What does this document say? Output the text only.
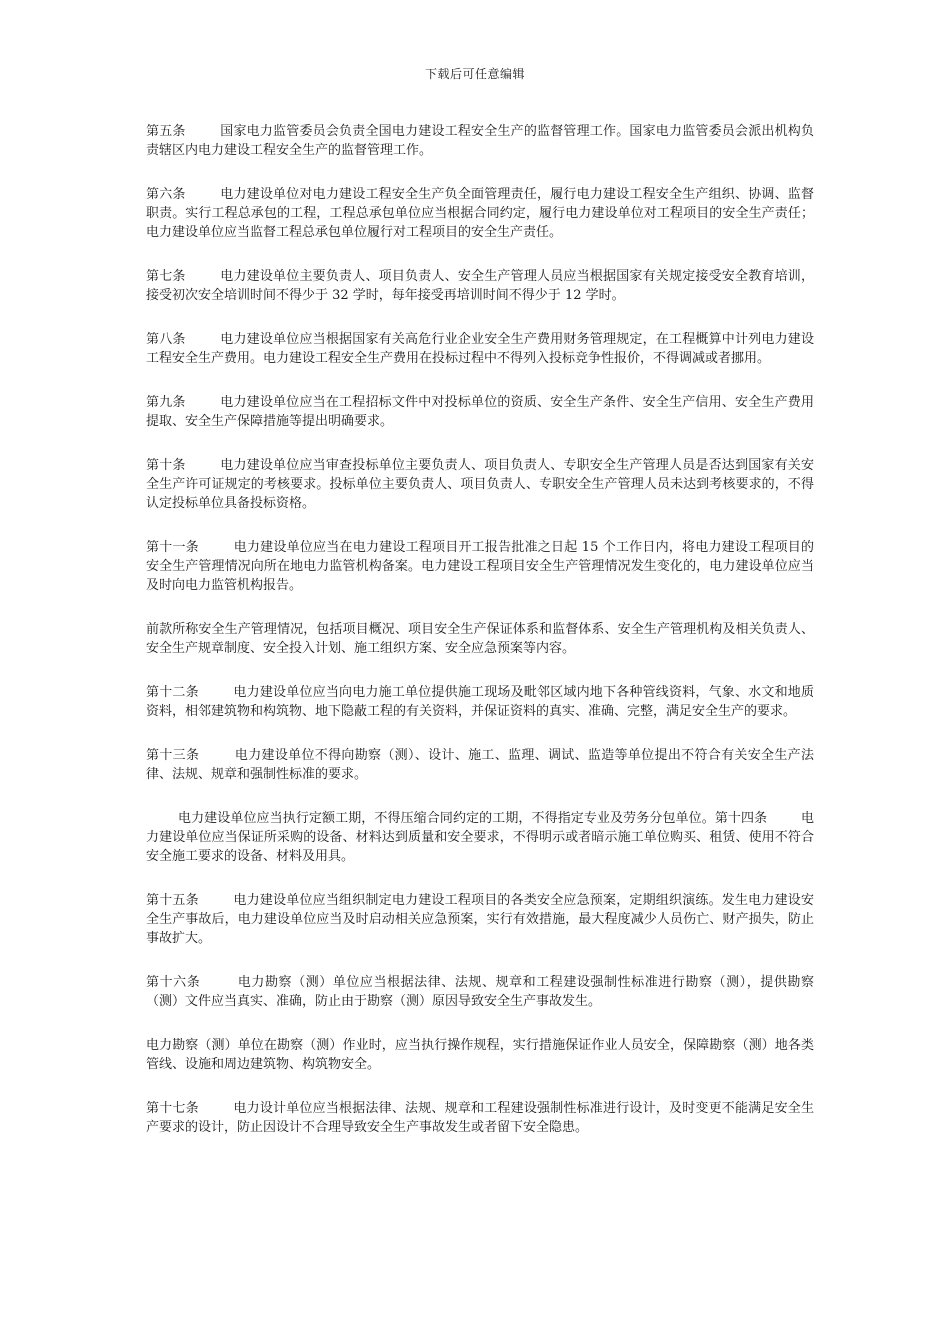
下载后可任意编辑

第五条	国家电力监管委员会负责全国电力建设工程安全生产的监督管理工作。国家电力监管委员会派出机构负责辖区内电力建设工程安全生产的监督管理工作。

第六条	电力建设单位对电力建设工程安全生产负全面管理责任，履行电力建设工程安全生产组织、协调、监督职责。实行工程总承包的工程，工程总承包单位应当根据合同约定，履行电力建设单位对工程项目的安全生产责任；电力建设单位应当监督工程总承包单位履行对工程项目的安全生产责任。

第七条	电力建设单位主要负责人、项目负责人、安全生产管理人员应当根据国家有关规定接受安全教育培训，接受初次安全培训时间不得少于 32 学时，每年接受再培训时间不得少于 12 学时。

第八条	电力建设单位应当根据国家有关高危行业企业安全生产费用财务管理规定，在工程概算中计列电力建设工程安全生产费用。电力建设工程安全生产费用在投标过程中不得列入投标竞争性报价，不得调减或者挪用。

第九条	电力建设单位应当在工程招标文件中对投标单位的资质、安全生产条件、安全生产信用、安全生产费用提取、安全生产保障措施等提出明确要求。

第十条	电力建设单位应当审查投标单位主要负责人、项目负责人、专职安全生产管理人员是否达到国家有关安全生产许可证规定的考核要求。投标单位主要负责人、项目负责人、专职安全生产管理人员未达到考核要求的，不得认定投标单位具备投标资格。

第十一条	电力建设单位应当在电力建设工程项目开工报告批准之日起 15 个工作日内，将电力建设工程项目的安全生产管理情况向所在地电力监管机构备案。电力建设工程项目安全生产管理情况发生变化的，电力建设单位应当及时向电力监管机构报告。

前款所称安全生产管理情况，包括项目概况、项目安全生产保证体系和监督体系、安全生产管理机构及相关负责人、安全生产规章制度、安全投入计划、施工组织方案、安全应急预案等内容。

第十二条	电力建设单位应当向电力施工单位提供施工现场及毗邻区域内地下各种管线资料，气象、水文和地质资料，相邻建筑物和构筑物、地下隐蔽工程的有关资料，并保证资料的真实、准确、完整，满足安全生产的要求。

第十三条	电力建设单位不得向勘察（测）、设计、施工、监理、调试、监造等单位提出不符合有关安全生产法律、法规、规章和强制性标准的要求。

电力建设单位应当执行定额工期，不得压缩合同约定的工期，不得指定专业及劳务分包单位。第十四条        电力建设单位应当保证所采购的设备、材料达到质量和安全要求，不得明示或者暗示施工单位购买、租赁、使用不符合安全施工要求的设备、材料及用具。

第十五条	电力建设单位应当组织制定电力建设工程项目的各类安全应急预案，定期组织演练。发生电力建设安全生产事故后，电力建设单位应当及时启动相关应急预案，实行有效措施，最大程度减少人员伤亡、财产损失，防止事故扩大。

第十六条	电力勘察（测）单位应当根据法律、法规、规章和工程建设强制性标准进行勘察（测），提供勘察（测）文件应当真实、准确，防止由于勘察（测）原因导致安全生产事故发生。

电力勘察（测）单位在勘察（测）作业时，应当执行操作规程，实行措施保证作业人员安全，保障勘察（测）地各类管线、设施和周边建筑物、构筑物安全。

第十七条	电力设计单位应当根据法律、法规、规章和工程建设强制性标准进行设计，及时变更不能满足安全生产要求的设计，防止因设计不合理导致安全生产事故发生或者留下安全隐患。
